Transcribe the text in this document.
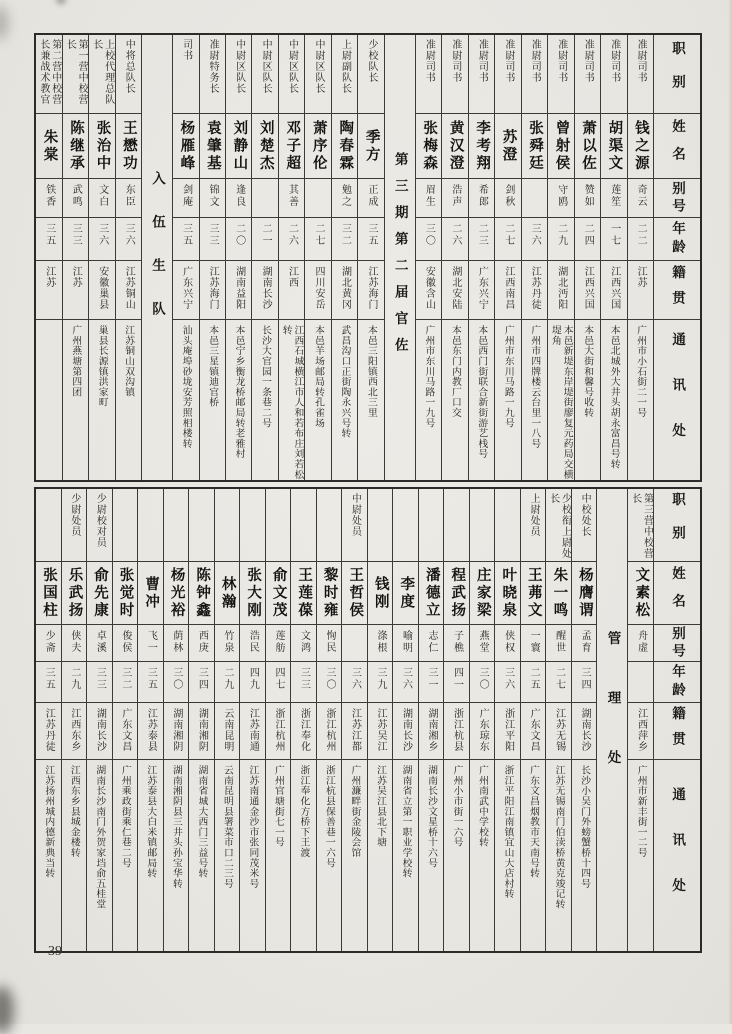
职别
姓名
别号
年龄
籍贯
通讯处
准尉司书
钱之源
奇云
二二
江苏
广州市小石街二一号
准尉司书
胡渠文
莲笙
一七
江西兴国
本邑北城外大井头胡永富昌号转
准尉司书
萧以佐
赞如
二四
江西兴国
本邑大街和馨号收转
准尉司书
曾射侯
守鸥
二九
湖北沔阳
本邑新堤东岸堤街廖复元药局交横堤角
准尉司书
张舜廷
三六
江苏丹徒
广州市四牌楼云台里一八号
准尉司书
苏澄
剑秋
二七
江西南昌
广州市东川马路一九号
准尉司书
李考翔
希郎
二三
广东兴宁
本邑西门街联合新街游艺栈号
准尉司书
黄汉澄
浩声
二六
湖北安陆
本邑东门内教厂口交
准尉司书
张梅森
眉生
三〇
安徽含山
广州市东川马路一九号
第三期第二届官佐
少校队长
季方
正成
三五
江苏海门
本邑三阳镇西北三里
上尉副队长
陶春霖
勉之
三二
湖北黄冈
武昌沟口正街陶永兴号转
中尉区队长
萧序伦
二七
四川安岳
本邑羊场邮局转孔雀场
中尉区队长
邓子超
其善
二六
江西
江西石城横江市人和若布庄刘若松转
中尉区队长
刘楚杰
二一
湖南长沙
长沙大官园一条巷二号
中尉区队长
刘静山
逢良
二〇
湖南益阳
本邑宁乡衡龙桥邮局转老雅村
准尉特务长
袁肇基
锦文
三三
江苏海门
本邑三星镇迪官桥
司书
杨雁峰
剑庵
三五
广东兴宁
汕头庵埠砂垅安芳照相楼转
入伍生队
中将总队长
王懋功
东臣
三六
江苏铜山
江苏铜山双沟镇
上校代理总队长
张治中
文白
三六
安徽巢县
巢县长源镇洪家町
第一营中校营长
陈继承
武鸣
三三
江苏
广州燕塘第四团
第二营中校营长兼战术教官
朱棠
铁香
三五
江苏
职别
姓名
别号
年龄
籍贯
通讯处
第三营中校营长
文素松
舟虚
江西萍乡
广州市新丰街一二号
管理处
中校处长
杨膺谓
孟育
三四
湖南长沙
长沙小吴门外螃蟹桥十四号
少校衔上尉处长
朱一鸣
醒世
二七
江苏无锡
江苏无锡南门伯渎桥黄克竣记转
上尉处员
王茀文
一寰
二五
广东文昌
广东文昌烟教市天南号转
叶晓泉
侠权
三六
浙江平阳
浙江平阳江南镇宜山大店村转
庄家梁
燕堂
三〇
广东琼东
广州南武中学校转
程武扬
子樵
四一
浙江杭县
广州小市街一六号
潘德立
志仁
三一
湖南湘乡
湖南长沙文星桥十六号
李度
喻明
三六
湖南长沙
湖南省立第一职业学校转
钱刚
涤根
三九
江苏吴江
江苏吴江县北下塘
中尉处员
王哲侯
三六
江苏江都
广州濂畔街金陵会馆
黎时雍
恂民
三〇
浙江杭州
浙江杭县保善巷一六号
王莲葆
文鸿
三三
浙江奉化
浙江奉化方桥下王渡
俞文茂
莲舫
四七
浙江杭州
广州官塘街七一号
张大刚
浩民
四九
江苏南通
江苏南通金沙市张同茂米号
林瀚
竹泉
二九
云南昆明
云南昆明县署菜市口二三号
陈钟鑫
西庚
三四
湖南湘阴
湖南省城大西门三益号转
杨光裕
荫林
三〇
湖南湘阴
湖南湘阴县三井头孙宝华转
曹冲
飞一
三五
江苏泰县
江苏泰县大白米镇邮局转
张觉时
俊侯
三二
广东文昌
广州乘政街乘仁巷二号
少尉校对员
俞先康
卓溪
三三
湖南长沙
湖南长沙南门外贺家垱俞五桂堂
少尉处员
乐武扬
侠夫
二九
江西东乡
江西东乡县城金楼转
张国柱
少斋
三五
江苏丹徒
江苏扬州城内德新典当转
39
